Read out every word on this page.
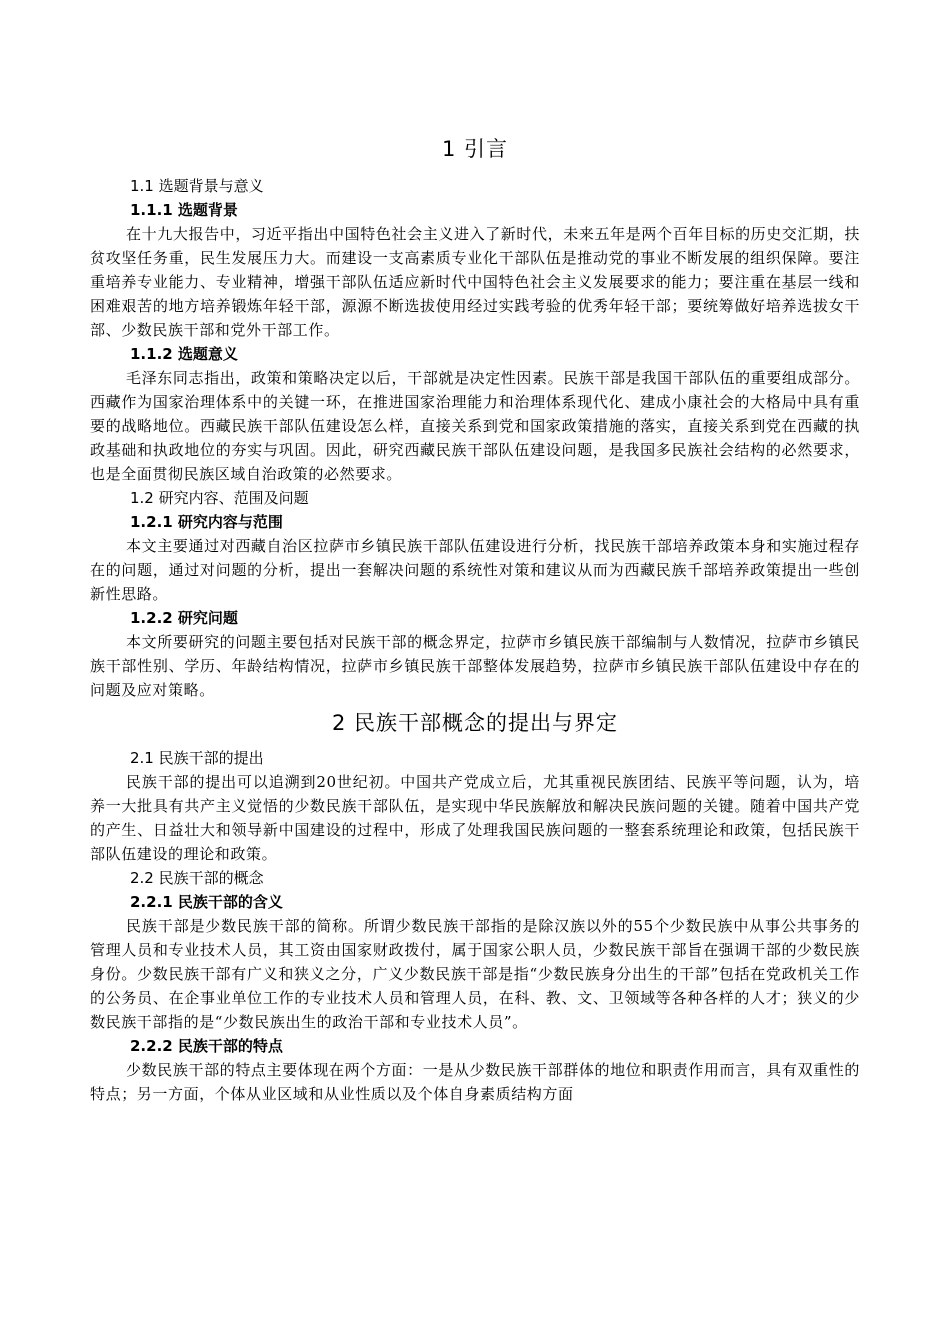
1 引言
1.1 选题背景与意义
1.1.1 选题背景

在十九大报告中，习近平指出中国特色社会主义进入了新时代，未来五年是两个百年目标的历史交汇期，扶贫攻坚任务重，民生发展压力大。而建设一支高素质专业化干部队伍是推动党的事业不断发展的组织保障。要注重培养专业能力、专业精神，增强干部队伍适应新时代中国特色社会主义发展要求的能力；要注重在基层一线和困难艰苦的地方培养锻炼年轻干部，源源不断选拔使用经过实践考验的优秀年轻干部；要统筹做好培养选拔女干部、少数民族干部和党外干部工作。

1.1.2 选题意义

毛泽东同志指出，政策和策略决定以后，干部就是决定性因素。民族干部是我国干部队伍的重要组成部分。西藏作为国家治理体系中的关键一环，在推进国家治理能力和治理体系现代化、建成小康社会的大格局中具有重要的战略地位。西藏民族干部队伍建设怎么样，直接关系到党和国家政策措施的落实，直接关系到党在西藏的执政基础和执政地位的夯实与巩固。因此，研究西藏民族干部队伍建设问题，是我国多民族社会结构的必然要求，也是全面贯彻民族区域自治政策的必然要求。

1.2 研究内容、范围及问题
1.2.1 研究内容与范围

本文主要通过对西藏自治区拉萨市乡镇民族干部队伍建设进行分析，找民族干部培养政策本身和实施过程存在的问题，通过对问题的分析，提出一套解决问题的系统性对策和建议从而为西藏民族千部培养政策提出一些创新性思路。

1.2.2 研究问题

本文所要研究的问题主要包括对民族干部的概念界定，拉萨市乡镇民族干部编制与人数情况，拉萨市乡镇民族干部性别、学历、年龄结构情况，拉萨市乡镇民族干部整体发展趋势，拉萨市乡镇民族干部队伍建设中存在的问题及应对策略。

2 民族干部概念的提出与界定
2.1 民族干部的提出

民族干部的提出可以追溯到20世纪初。中国共产党成立后，尤其重视民族团结、民族平等问题，认为，培养一大批具有共产主义觉悟的少数民族干部队伍，是实现中华民族解放和解决民族问题的关键。随着中国共产党的产生、日益壮大和领导新中国建设的过程中，形成了处理我国民族问题的一整套系统理论和政策，包括民族干部队伍建设的理论和政策。

2.2 民族干部的概念
2.2.1 民族干部的含义

民族干部是少数民族干部的简称。所谓少数民族干部指的是除汉族以外的55个少数民族中从事公共事务的管理人员和专业技术人员，其工资由国家财政拨付，属于国家公职人员，少数民族干部旨在强调干部的少数民族身份。少数民族干部有广义和狭义之分，广义少数民族干部是指“少数民族身分出生的干部”包括在党政机关工作的公务员、在企事业单位工作的专业技术人员和管理人员，在科、教、文、卫领域等各种各样的人才；狭义的少数民族干部指的是“少数民族出生的政治干部和专业技术人员”。

2.2.2 民族干部的特点

少数民族干部的特点主要体现在两个方面：一是从少数民族干部群体的地位和职责作用而言，具有双重性的特点；另一方面，个体从业区域和从业性质以及个体自身素质结构方面
